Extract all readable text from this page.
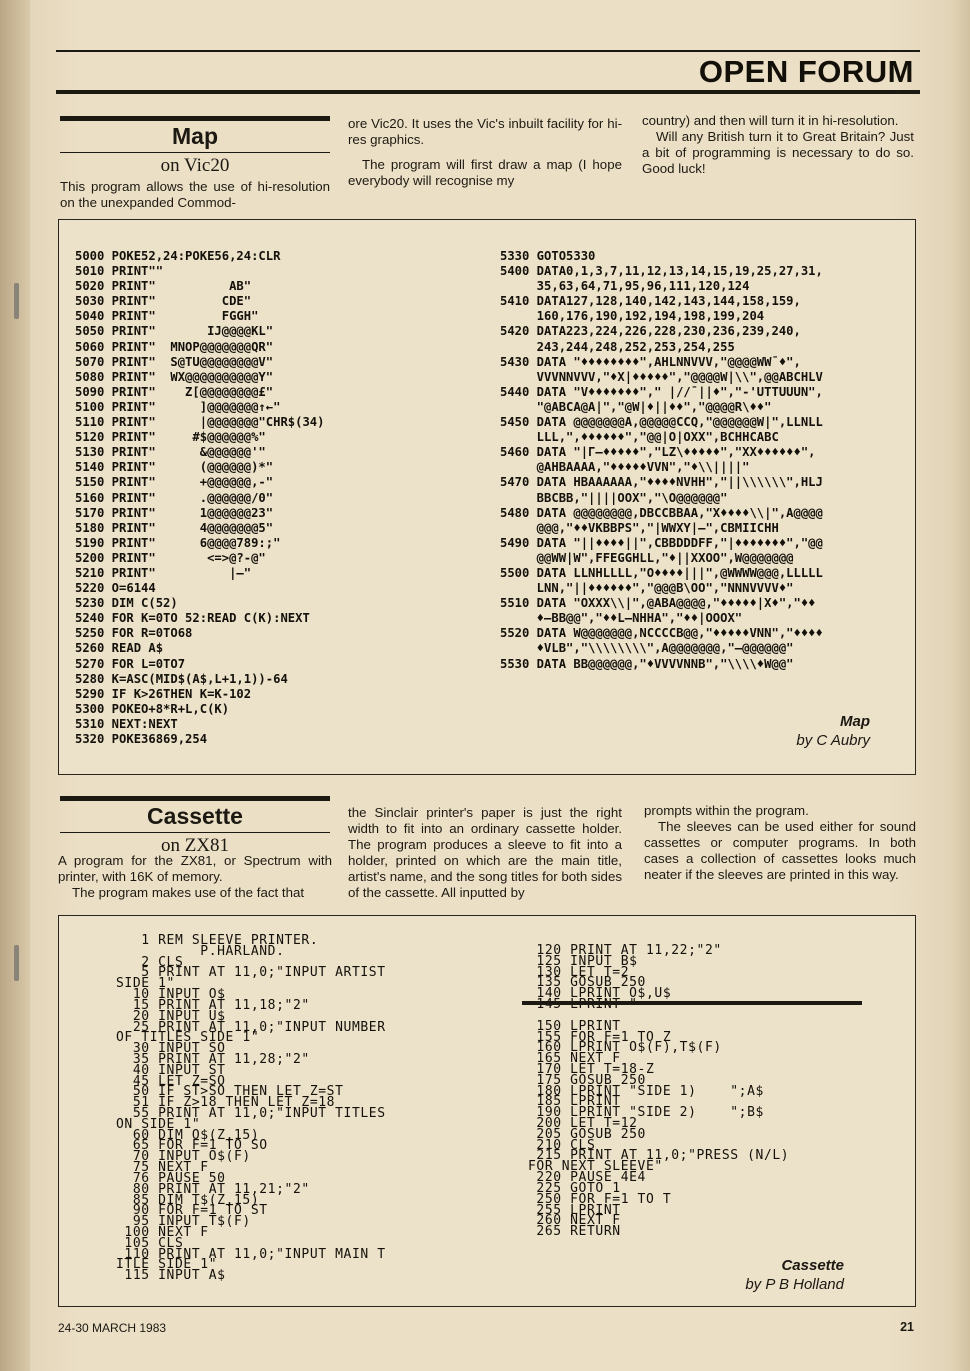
OPEN FORUM
Map
on Vic20

This program allows the use of hi-resolution on the unexpanded Commod-

ore Vic20. It uses the Vic's inbuilt facility for hi-res graphics.

The program will first draw a map (I hope everybody will recognise my

country) and then will turn it in hi-resolution.

Will any British turn it to Great Britain? Just a bit of programming is necessary to do so. Good luck!

5000 POKE52,24:POKE56,24:CLR
5010 PRINT""
5020 PRINT"          AB"
5030 PRINT"         CDE"
5040 PRINT"         FGGH"
5050 PRINT"       IJ@@@@KL"
5060 PRINT"  MNOP@@@@@@@QR"
5070 PRINT"  S@TU@@@@@@@@V"
5080 PRINT"  WX@@@@@@@@@@Y"
5090 PRINT"    Z[@@@@@@@@£"
5100 PRINT"      ]@@@@@@@↑←"
5110 PRINT"      |@@@@@@@"CHR$(34)
5120 PRINT"     #$@@@@@@%"
5130 PRINT"      &@@@@@@'"
5140 PRINT"      (@@@@@@)*"
5150 PRINT"      +@@@@@@,-"
5160 PRINT"      .@@@@@@/0"
5170 PRINT"      1@@@@@@23"
5180 PRINT"      4@@@@@@@5"
5190 PRINT"      6@@@@789:;"
5200 PRINT"       <=>@?-@"
5210 PRINT"          |—"
5220 O=6144
5230 DIM C(52)
5240 FOR K=0TO 52:READ C(K):NEXT
5250 FOR R=0TO68
5260 READ A$
5270 FOR L=0TO7
5280 K=ASC(MID$(A$,L+1,1))-64
5290 IF K>26THEN K=K-102
5300 POKEO+8*R+L,C(K)
5310 NEXT:NEXT
5320 POKE36869,254
5330 GOTO5330
5400 DATA0,1,3,7,11,12,13,14,15,19,25,27,31,
35,63,64,71,95,96,111,120,124
5410 DATA127,128,140,142,143,144,158,159,
160,176,190,192,194,198,199,204
5420 DATA223,224,226,228,230,236,239,240,
243,244,248,252,253,254,255
5430 DATA "♦♦♦♦♦♦♦♦",AHLNNVVV,"@@@@WW¯♦",
VVVNNVVV,"♦X|♦♦♦♦♦","@@@@W|\\",@@ABCHLV
5440 DATA "V♦♦♦♦♦♦♦"," |//¯||♦","-'UTTUUUN",
"@ABCA@A|","@W|♦||♦♦","@@@@R\♦♦"
5450 DATA @@@@@@@A,@@@@@CCQ,"@@@@@@W|",LLNLL
LLL,",♦♦♦♦♦♦","@@|O|OXX",BCHHCABC
5460 DATA "|Γ—♦♦♦♦♦","LZ\♦♦♦♦♦","XX♦♦♦♦♦♦",
@AHBAAAA,"♦♦♦♦♦VVN","♦\\||||"
5470 DATA HBAAAAAA,"♦♦♦♦NVHH","||\\\\\\",HLJ
BBCBB,"||||OOX","\O@@@@@@"
5480 DATA @@@@@@@@,DBCCBBAA,"X♦♦♦♦\\|",A@@@@
@@@,"♦♦VKBBPS","|WWXY|—",CBMIICHH
5490 DATA "||♦♦♦♦||",CBBDDDFF,"|♦♦♦♦♦♦♦","@@
@@WW|W",FFEGGHLL,"♦||XXOO",W@@@@@@@
5500 DATA LLNHLLLL,"O♦♦♦♦|||",@WWWW@@@,LLLLL
LNN,"||♦♦♦♦♦♦","@@@B\OO","NNNVVVV♦"
5510 DATA "OXXX\\|",@ABA@@@@,"♦♦♦♦♦|X♦","♦♦
♦—BB@@","♦♦L—NHHA","♦♦|OOOX"
5520 DATA W@@@@@@@,NCCCCB@@,"♦♦♦♦♦VNN","♦♦♦♦
♦VLB","\\\\\\\\",A@@@@@@@,"—@@@@@@"
5530 DATA BB@@@@@@,"♦VVVVNNB","\\\\♦W@@"
Map
by C Aubry
Cassette
on ZX81

A program for the ZX81, or Spectrum with printer, with 16K of memory.

The program makes use of the fact that

the Sinclair printer's paper is just the right width to fit into an ordinary cassette holder. The program produces a sleeve to fit into a holder, printed on which are the main title, artist's name, and the song titles for both sides of the cassette. All inputted by

prompts within the program.

The sleeves can be used either for sound cassettes or computer programs. In both cases a collection of cassettes looks much neater if the sleeves are printed in this way.

1 REM SLEEVE PRINTER.
P.HARLAND.
2 CLS
5 PRINT AT 11,0;"INPUT ARTIST
SIDE 1"
10 INPUT O$
15 PRINT AT 11,18;"2"
20 INPUT U$
25 PRINT AT 11,0;"INPUT NUMBER
OF TITLES SIDE 1"
30 INPUT SO
35 PRINT AT 11,28;"2"
40 INPUT ST
45 LET Z=SO
50 IF ST>SO THEN LET Z=ST
51 IF Z>18 THEN LET Z=18
55 PRINT AT 11,0;"INPUT TITLES
ON SIDE 1"
60 DIM O$(Z,15)
65 FOR F=1 TO SO
70 INPUT O$(F)
75 NEXT F
76 PAUSE 50
80 PRINT AT 11,21;"2"
85 DIM T$(Z,15)
90 FOR F=1 TO ST
95 INPUT T$(F)
100 NEXT F
105 CLS
110 PRINT AT 11,0;"INPUT MAIN T
ITLE SIDE 1"
115 INPUT A$
120 PRINT AT 11,22;"2"
125 INPUT B$
130 LET T=2
135 GOSUB 250
140 LPRINT O$,U$

150 LPRINT
155 FOR F=1 TO Z
160 LPRINT O$(F),T$(F)
165 NEXT F
170 LET T=18-Z
175 GOSUB 250
180 LPRINT "SIDE 1)    ";A$
185 LPRINT
190 LPRINT "SIDE 2)    ";B$
200 LET T=12
205 GOSUB 250
210 CLS
215 PRINT AT 11,0;"PRESS (N/L)
FOR NEXT SLEEVE"
220 PAUSE 4E4
225 GOTO 1
250 FOR F=1 TO T
255 LPRINT
260 NEXT F
265 RETURN
Cassette
by P B Holland
24-30 MARCH 1983	21
